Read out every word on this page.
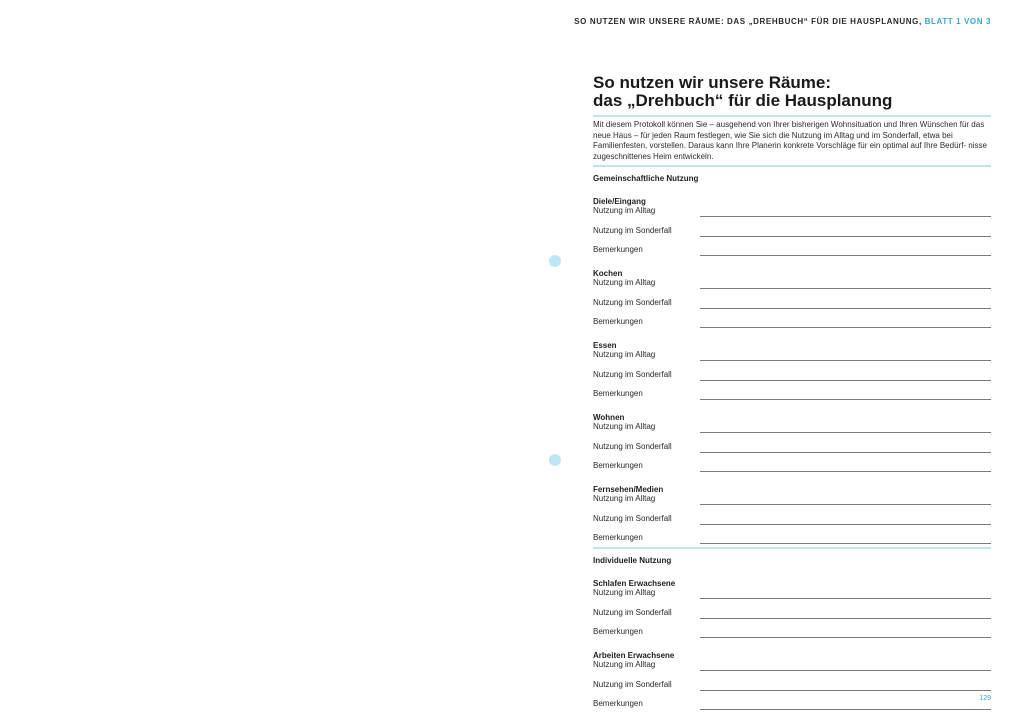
SO NUTZEN WIR UNSERE RÄUME: DAS „DREHBUCH“ FÜR DIE HAUSPLANUNG, BLATT 1 VON 3
So nutzen wir unsere Räume:
das „Drehbuch“ für die Hausplanung

Mit diesem Protokoll können Sie – ausgehend von Ihrer bisherigen Wohnsituation und Ihren Wünschen für das neue Haus – für jeden Raum festlegen, wie Sie sich die Nutzung im Alltag und im Sonderfall, etwa bei Familienfesten, vorstellen. Daraus kann Ihre Planerin konkrete Vorschläge für ein optimal auf Ihre Bedürf- nisse zugeschnittenes Heim entwickeln.

Gemeinschaftliche Nutzung
Diele/Eingang
Nutzung im Alltag
Nutzung im Sonderfall
Bemerkungen
Kochen
Nutzung im Alltag
Nutzung im Sonderfall
Bemerkungen
Essen
Nutzung im Alltag
Nutzung im Sonderfall
Bemerkungen
Wohnen
Nutzung im Alltag
Nutzung im Sonderfall
Bemerkungen
Fernsehen/Medien
Nutzung im Alltag
Nutzung im Sonderfall
Bemerkungen
Individuelle Nutzung
Schlafen Erwachsene
Nutzung im Alltag
Nutzung im Sonderfall
Bemerkungen
Arbeiten Erwachsene
Nutzung im Alltag
Nutzung im Sonderfall
Bemerkungen
129
